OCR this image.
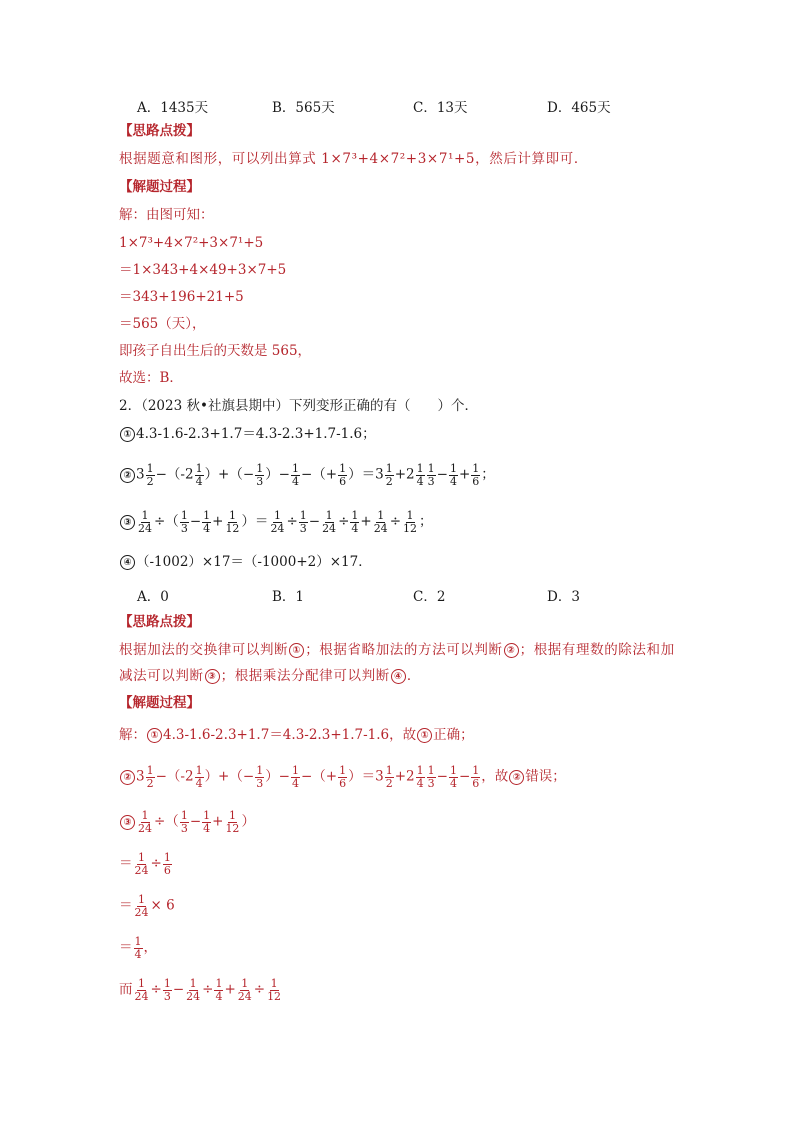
A．1435天	B．565天	C．13天	D．465天
【思路点拨】
根据题意和图形，可以列出算式 1×7³+4×7²+3×7¹+5，然后计算即可．
【解题过程】
解：由图可知：
1×7³+4×7²+3×7¹+5
＝1×343+4×49+3×7+5
＝343+196+21+5
＝565（天），
即孩子自出生后的天数是 565，
故选：B．
2．（2023 秋•社旗县期中）下列变形正确的有（　　）个．
① 4.3-1.6-2.3+1.7＝4.3-2.3+1.7-1.6；
② $3 \frac{1}{2} -(-2 \frac{1}{4}$ ）+（− $\frac{1}{3}$ ）− $\frac{1}{4}$ −（+ $\frac{1}{6} )=3 \frac{1}{2} +2 \frac{1}{4} \frac{1}{3} - \frac{1}{4} + \frac{1}{6}$ ；
③ $\frac{1}{24}$ ÷（ $\frac{1}{3} - \frac{1}{4} + \frac{1}{12}$ ）＝ $\frac{1}{24} \div \frac{1}{3} - \frac{1}{24} \div \frac{1}{4} + \frac{1}{24} \div \frac{1}{12}$ ；
④ （-1002）×17＝（-1000+2）×17．
A．0	B．1	C．2	D．3
【思路点拨】
根据加法的交换律可以判断 ① ；根据省略加法的方法可以判断 ② ；根据有理数的除法和加
减法可以判断 ③ ；根据乘法分配律可以判断 ④ ．
【解题过程】
解： ① 4.3-1.6-2.3+1.7＝4.3-2.3+1.7-1.6，故 ① 正确；
② $3 \frac{1}{2} -(-2 \frac{1}{4}$ ）+（− $\frac{1}{3}$ ）− $\frac{1}{4}$ −（+ $\frac{1}{6} )=3 \frac{1}{2} +2 \frac{1}{4} \frac{1}{3} - \frac{1}{4} - \frac{1}{6}$ ，故 ② 错误；
③ $\frac{1}{24}$ ÷（ $\frac{1}{3} - \frac{1}{4} + \frac{1}{12}$ ）
＝ $\frac{1}{24} \div \frac{1}{6}$
＝ $\frac{1}{24} \times 6$
＝ $\frac{1}{4}$ ，
而 $\frac{1}{24} \div \frac{1}{3} - \frac{1}{24} \div \frac{1}{4} + \frac{1}{24} \div \frac{1}{12}$
